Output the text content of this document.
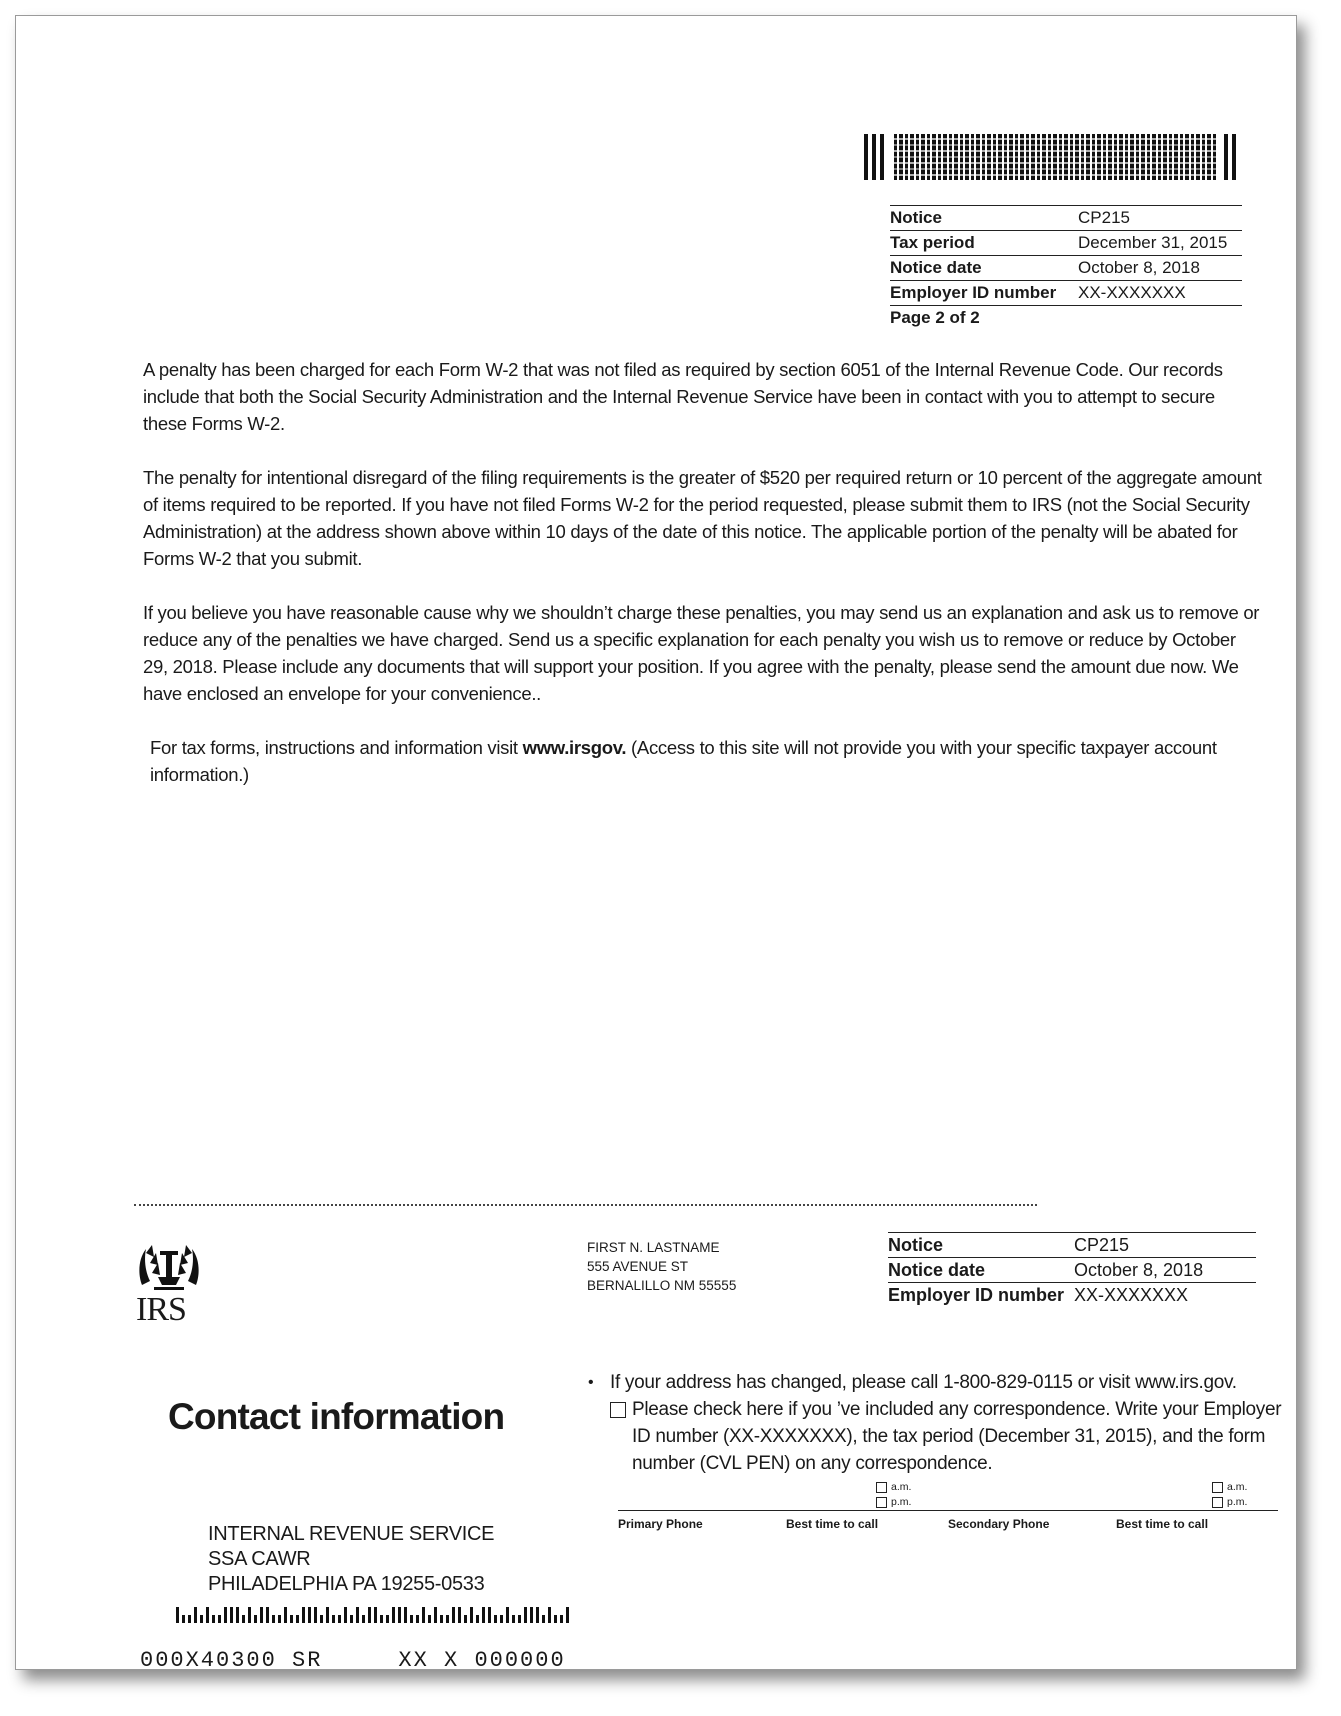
Notice	CP215
Tax period	December 31, 2015
Notice date	October 8, 2018
Employer ID number	XX-XXXXXXX
Page 2 of 2

A penalty has been charged for each Form W-2 that was not filed as required by section 6051 of the Internal Revenue Code. Our records include that both the Social Security Administration and the Internal Revenue Service have been in contact with you to attempt to secure these Forms W-2.

The penalty for intentional disregard of the filing requirements is the greater of $520 per required return or 10 percent of the aggregate amount of items required to be reported. If you have not filed Forms W-2 for the period requested, please submit them to IRS (not the Social Security Administration) at the address shown above within 10 days of the date of this notice. The applicable portion of the penalty will be abated for Forms W-2 that you submit.

If you believe you have reasonable cause why we shouldn’t charge these penalties, you may send us an explanation and ask us to remove or reduce any of the penalties we have charged. Send us a specific explanation for each penalty you wish us to remove or reduce by October 29, 2018. Please include any documents that will support your position. If you agree with the penalty, please send the amount due now. We have enclosed an envelope for your convenience..

For tax forms, instructions and information visit www.irsgov. (Access to this site will not provide you with your specific taxpayer account information.)

IRS
FIRST N. LASTNAME
555 AVENUE ST
BERNALILLO NM 55555
Notice	CP215
Notice date	October 8, 2018
Employer ID number XX-XXXXXXX
Contact information
• If your address has changed, please call 1-800-829-0115 or visit www.irs.gov.
Please check here if you ’ve included any correspondence. Write your Employer ID number (XX-XXXXXXX), the tax period (December 31, 2015), and the form number (CVL PEN) on any correspondence.
a.m.
p.m.
a.m.
p.m.
Primary Phone	Best time to call	Secondary Phone	Best time to call
INTERNAL REVENUE SERVICE
SSA CAWR
PHILADELPHIA PA 19255-0533
000X40300 SR     XX X 000000
